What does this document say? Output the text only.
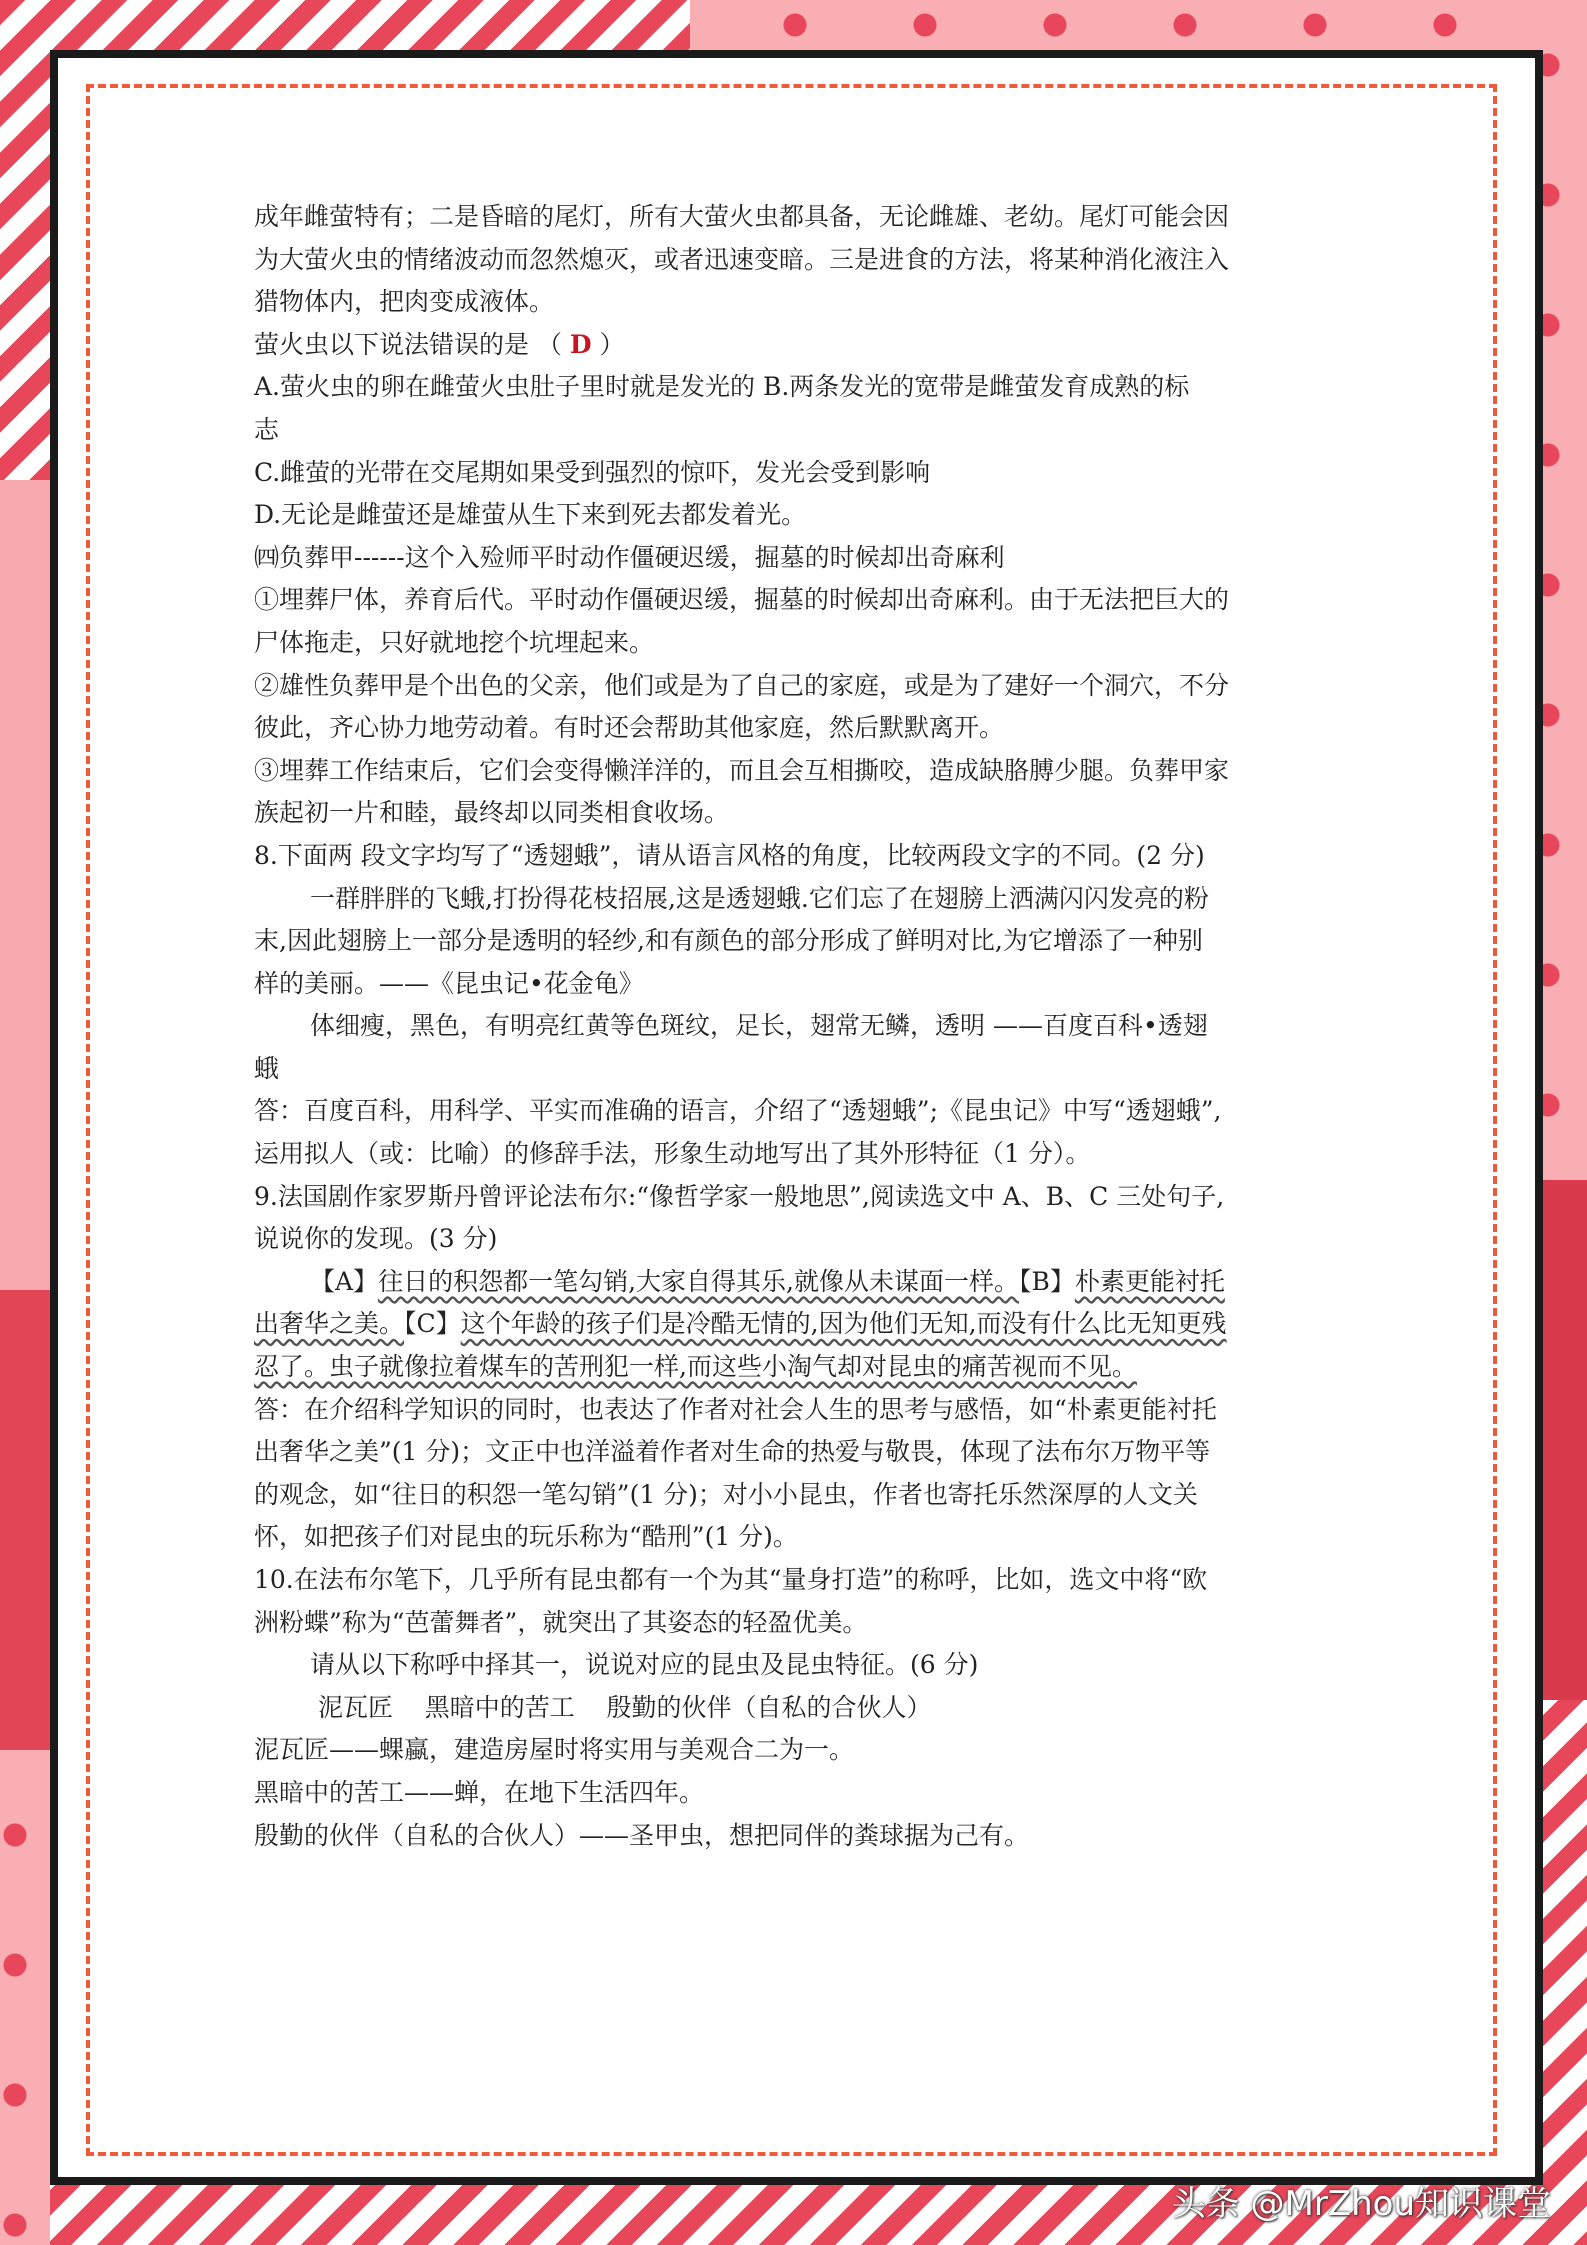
成年雌萤特有；二是昏暗的尾灯，所有大萤火虫都具备，无论雌雄、老幼。尾灯可能会因

为大萤火虫的情绪波动而忽然熄灭，或者迅速变暗。三是进食的方法，将某种消化液注入

猎物体内，把肉变成液体。

萤火虫以下说法错误的是 （ D ）

A.萤火虫的卵在雌萤火虫肚子里时就是发光的 B.两条发光的宽带是雌萤发育成熟的标

志

C.雌萤的光带在交尾期如果受到强烈的惊吓，发光会受到影响

D.无论是雌萤还是雄萤从生下来到死去都发着光。

㈣负葬甲------这个入殓师平时动作僵硬迟缓，掘墓的时候却出奇麻利

①埋葬尸体，养育后代。平时动作僵硬迟缓，掘墓的时候却出奇麻利。由于无法把巨大的

尸体拖走，只好就地挖个坑埋起来。

②雄性负葬甲是个出色的父亲，他们或是为了自己的家庭，或是为了建好一个洞穴，不分

彼此，齐心协力地劳动着。有时还会帮助其他家庭，然后默默离开。

③埋葬工作结束后，它们会变得懒洋洋的，而且会互相撕咬，造成缺胳膊少腿。负葬甲家

族起初一片和睦，最终却以同类相食收场。

8.下面两 段文字均写了“透翅蛾”，请从语言风格的角度，比较两段文字的不同。(2 分)

一群胖胖的飞蛾,打扮得花枝招展,这是透翅蛾.它们忘了在翅膀上洒满闪闪发亮的粉

末,因此翅膀上一部分是透明的轻纱,和有颜色的部分形成了鲜明对比,为它增添了一种别

样的美丽。——《昆虫记•花金龟》

体细瘦，黑色，有明亮红黄等色斑纹，足长，翅常无鳞，透明 ——百度百科•透翅

蛾

答：百度百科，用科学、平实而准确的语言，介绍了“透翅蛾”;《昆虫记》中写“透翅蛾”,

运用拟人（或：比喻）的修辞手法，形象生动地写出了其外形特征（1 分）。

9.法国剧作家罗斯丹曾评论法布尔:“像哲学家一般地思”,阅读选文中 A、B、C 三处句子,

说说你的发现。(3 分)

【A】往日的积怨都一笔勾销,大家自得其乐,就像从未谋面一样。【B】朴素更能衬托

出奢华之美。【C】这个年龄的孩子们是冷酷无情的,因为他们无知,而没有什么比无知更残

忍了。虫子就像拉着煤车的苦刑犯一样,而这些小淘气却对昆虫的痛苦视而不见。

答：在介绍科学知识的同时，也表达了作者对社会人生的思考与感悟，如“朴素更能衬托

出奢华之美”(1 分)；文正中也洋溢着作者对生命的热爱与敬畏，体现了法布尔万物平等

的观念，如“往日的积怨一笔勾销”(1 分)；对小小昆虫，作者也寄托乐然深厚的人文关

怀，如把孩子们对昆虫的玩乐称为“酷刑”(1 分)。

10.在法布尔笔下，几乎所有昆虫都有一个为其“量身打造”的称呼，比如，选文中将“欧

洲粉蝶”称为“芭蕾舞者”，就突出了其姿态的轻盈优美。

请从以下称呼中择其一，说说对应的昆虫及昆虫特征。(6 分)

泥瓦匠    黑暗中的苦工    殷勤的伙伴（自私的合伙人）

泥瓦匠——蜾蠃，建造房屋时将实用与美观合二为一。

黑暗中的苦工——蝉，在地下生活四年。

殷勤的伙伴（自私的合伙人）——圣甲虫，想把同伴的粪球据为己有。

头条 @MrZhou知识课堂
